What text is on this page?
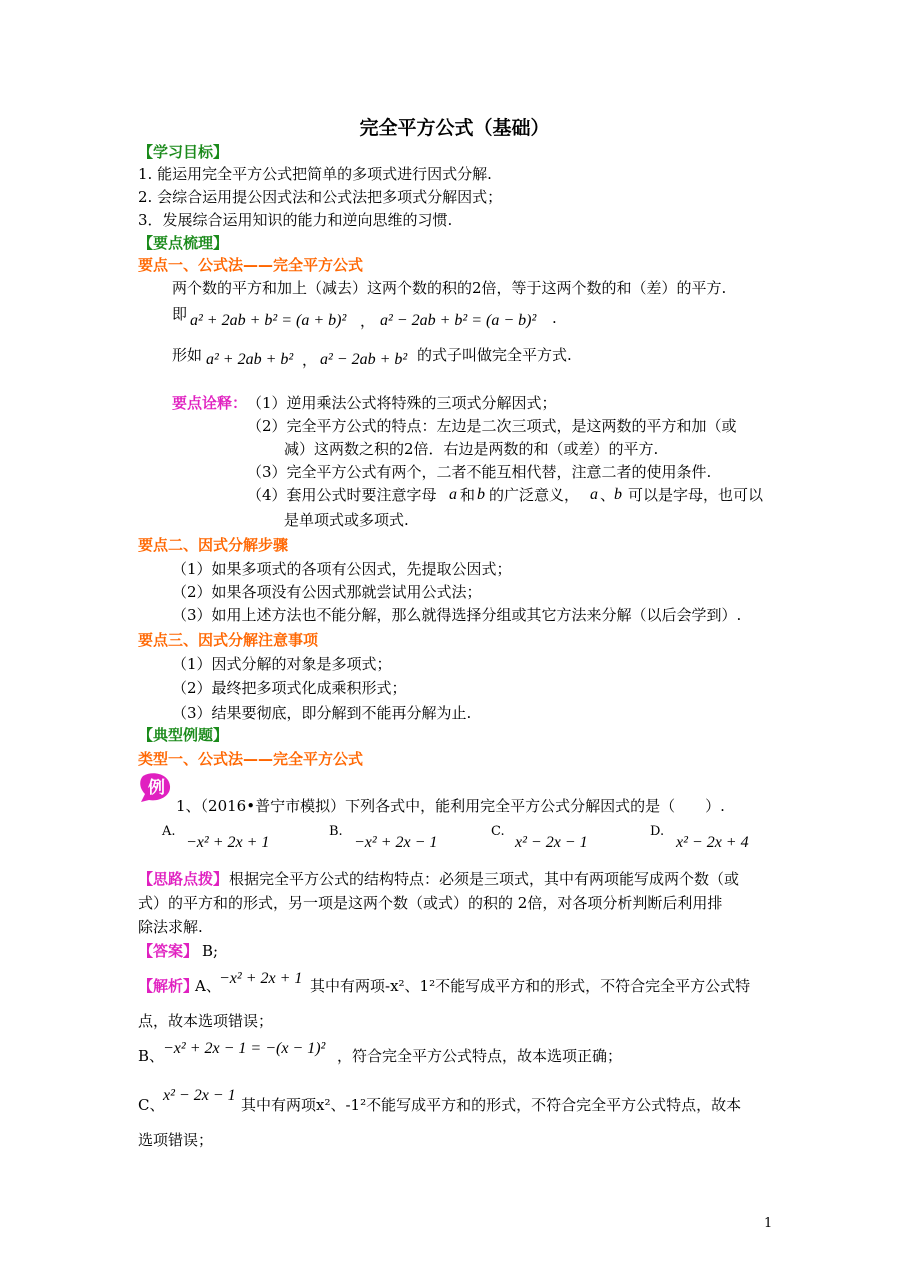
完全平方公式（基础）
【学习目标】
1. 能运用完全平方公式把简单的多项式进行因式分解.
2. 会综合运用提公因式法和公式法把多项式分解因式；
3．发展综合运用知识的能力和逆向思维的习惯.
【要点梳理】
要点一、公式法——完全平方公式
两个数的平方和加上（减去）这两个数的积的2倍，等于这两个数的和（差）的平方.
即 a² + 2ab + b² = (a + b)² ， a² − 2ab + b² = (a − b)² .
形如 a² + 2ab + b² ， a² − 2ab + b² 的式子叫做完全平方式.
要点诠释： （1）逆用乘法公式将特殊的三项式分解因式；
（2）完全平方公式的特点：左边是二次三项式，是这两数的平方和加（或
减）这两数之积的2倍．右边是两数的和（或差）的平方.
（3）完全平方公式有两个，二者不能互相代替，注意二者的使用条件.
（4）套用公式时要注意字母 a 和 b 的广泛意义， a 、
b 可以是字母，也可以
是单项式或多项式.
要点二、因式分解步骤
（1）如果多项式的各项有公因式，先提取公因式；
（2）如果各项没有公因式那就尝试用公式法；
（3）如用上述方法也不能分解，那么就得选择分组或其它方法来分解（以后会学到）.
要点三、因式分解注意事项
（1）因式分解的对象是多项式；
（2）最终把多项式化成乘积形式；
（3）结果要彻底，即分解到不能再分解为止.
【典型例题】
类型一、公式法——完全平方公式
例
1、（2016•普宁市模拟）下列各式中，能利用完全平方公式分解因式的是（　　）.
A.
−x² + 2x + 1
B.
−x² + 2x − 1
C.
x² − 2x − 1
D.
x² − 2x + 4
【思路点拨】 根据完全平方公式的结构特点：必须是三项式，其中有两项能写成两个数（或
式）的平方和的形式，另一项是这两个数（或式）的积的 2倍，对各项分析判断后利用排
除法求解.
【答案】 B;
【解析】
A、
−x² + 2x + 1 其中有两项-x²、1²不能写成平方和的形式，不符合完全平方公式特
点，故本选项错误；
B、
−x² + 2x − 1 = −(x − 1)² ，符合完全平方公式特点，故本选项正确；
C、
x² − 2x − 1
其中有两项x²、-1²不能写成平方和的形式，不符合完全平方公式特点，故本
选项错误；
1
